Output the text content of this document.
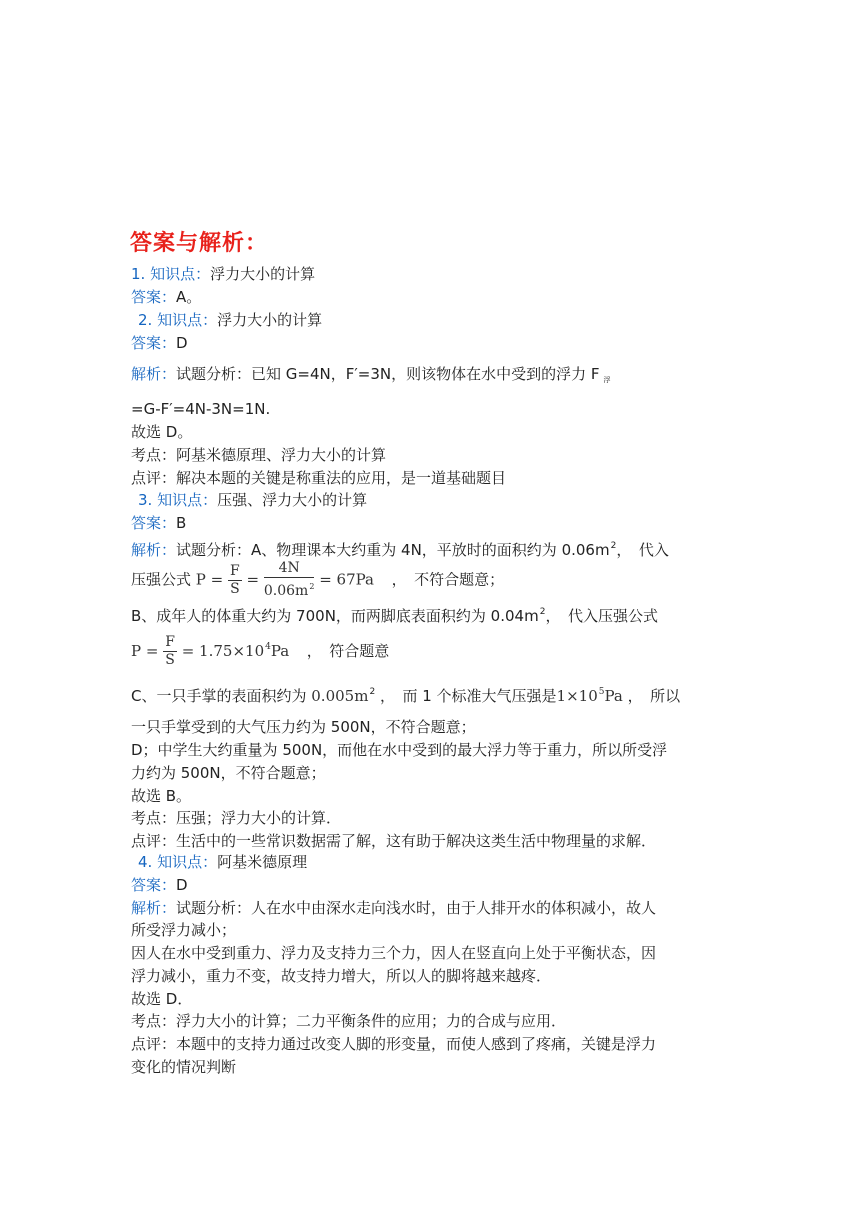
答案与解析：
1. 知识点：浮力大小的计算
答案：A。
2. 知识点：浮力大小的计算
答案：D
解析：试题分析：已知 G=4N，F′=3N，则该物体在水中受到的浮力 F $_浮$
=G-F′=4N-3N=1N.
故选 D。
考点：阿基米德原理、浮力大小的计算
点评：解决本题的关键是称重法的应用，是一道基础题目
3. 知识点：压强、浮力大小的计算
答案：B
解析：试题分析：A、物理课本大约重为 4N，平放时的面积约为 $0.06m^2$，　代入
压强公式 $P = \frac{F}{S} = \frac{4N}{0.06m^2} = 67Pa$ ，　不符合题意；
B、成年人的体重大约为 700N，而两脚底表面积约为 $0.04m^2$，　代入压强公式
$P = \frac{F}{S} = 1.75\times 10^4Pa$ ，　符合题意
C、一只手掌的表面积约为 $0.005m^2$ ，　而 1 个标准大气压强是$1\times 10^5Pa$ ，　所以
一只手掌受到的大气压力约为 500N，不符合题意；
D；中学生大约重量为 500N，而他在水中受到的最大浮力等于重力，所以所受浮
力约为 500N，不符合题意；
故选 B。
考点：压强；浮力大小的计算．
点评：生活中的一些常识数据需了解，这有助于解决这类生活中物理量的求解．
4. 知识点：阿基米德原理
答案：D
解析：试题分析：人在水中由深水走向浅水时，由于人排开水的体积减小，故人
所受浮力减小；
因人在水中受到重力、浮力及支持力三个力，因人在竖直向上处于平衡状态，因
浮力减小，重力不变，故支持力增大，所以人的脚将越来越疼．
故选 D．
考点：浮力大小的计算；二力平衡条件的应用；力的合成与应用．
点评：本题中的支持力通过改变人脚的形变量，而使人感到了疼痛，关键是浮力
变化的情况判断
